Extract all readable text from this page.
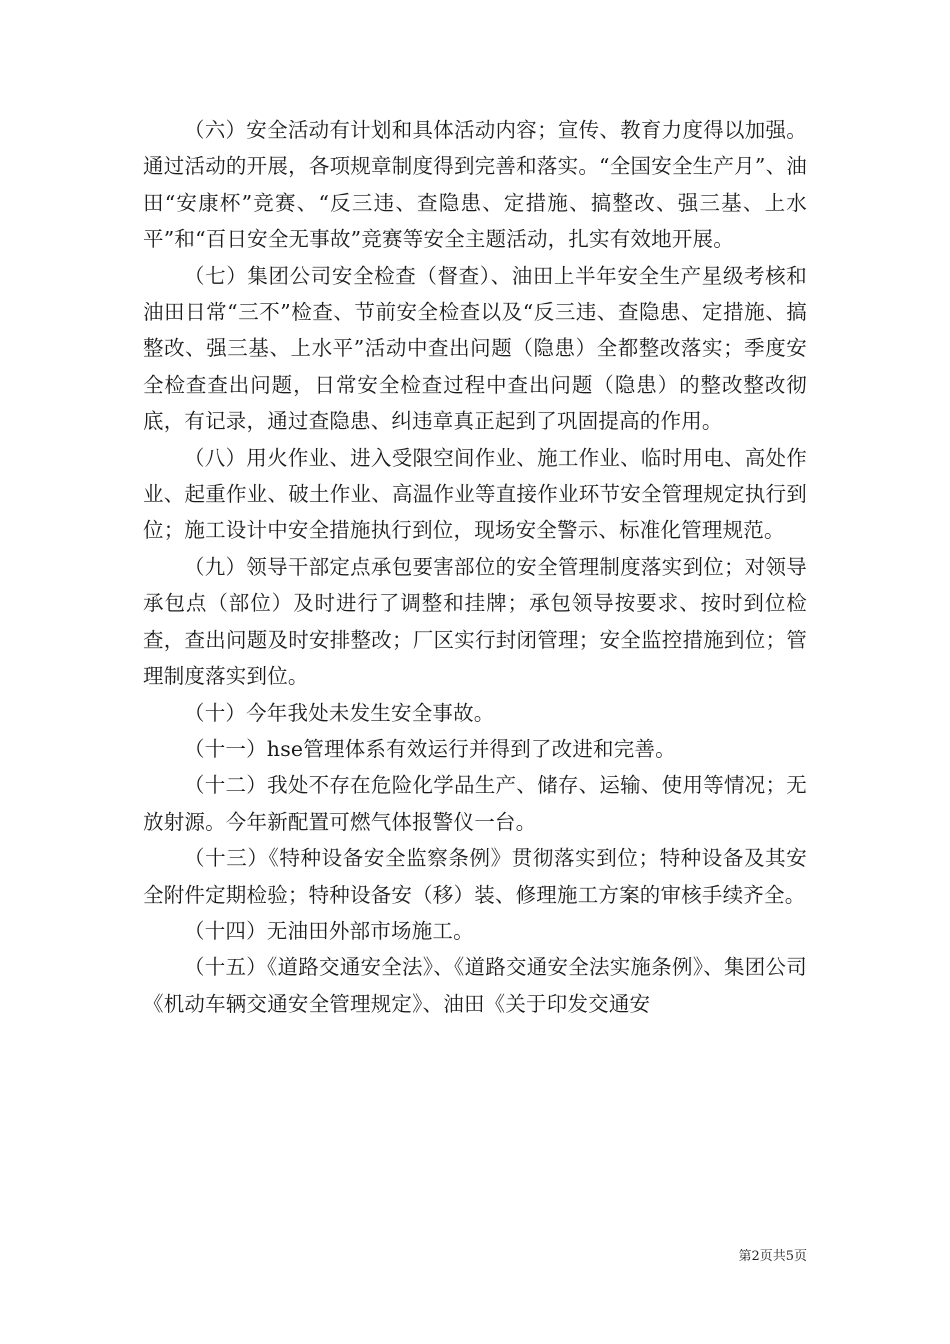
（六）安全活动有计划和具体活动内容；宣传、教育力度得以加强。通过活动的开展，各项规章制度得到完善和落实。“全国安全生产月”、油田“安康杯”竞赛、“反三违、查隐患、定措施、搞整改、强三基、上水平”和“百日安全无事故”竞赛等安全主题活动，扎实有效地开展。

（七）集团公司安全检查（督查）、油田上半年安全生产星级考核和油田日常“三不”检查、节前安全检查以及“反三违、查隐患、定措施、搞整改、强三基、上水平”活动中查出问题（隐患）全都整改落实；季度安全检查查出问题，日常安全检查过程中查出问题（隐患）的整改整改彻底，有记录，通过查隐患、纠违章真正起到了巩固提高的作用。

（八）用火作业、进入受限空间作业、施工作业、临时用电、高处作业、起重作业、破土作业、高温作业等直接作业环节安全管理规定执行到位；施工设计中安全措施执行到位，现场安全警示、标准化管理规范。

（九）领导干部定点承包要害部位的安全管理制度落实到位；对领导承包点（部位）及时进行了调整和挂牌；承包领导按要求、按时到位检查，查出问题及时安排整改；厂区实行封闭管理；安全监控措施到位；管理制度落实到位。

（十）今年我处未发生安全事故。

（十一）hse管理体系有效运行并得到了改进和完善。

（十二）我处不存在危险化学品生产、储存、运输、使用等情况；无放射源。今年新配置可燃气体报警仪一台。

（十三）《特种设备安全监察条例》贯彻落实到位；特种设备及其安全附件定期检验；特种设备安（移）装、修理施工方案的审核手续齐全。

（十四）无油田外部市场施工。

（十五）《道路交通安全法》、《道路交通安全法实施条例》、集团公司《机动车辆交通安全管理规定》、油田《关于印发交通安

第2页共5页
